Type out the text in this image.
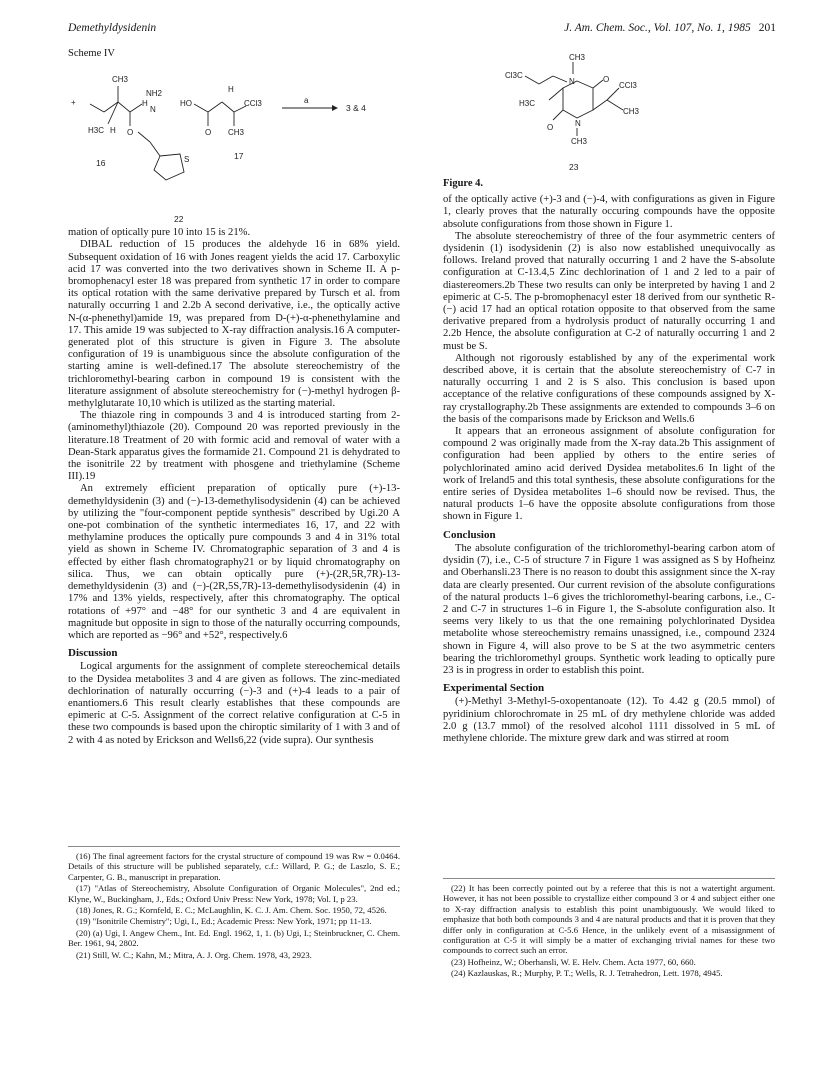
Demethyldysidenin	J. Am. Chem. Soc., Vol. 107, No. 1, 1985 201
Scheme IV
+
CH3
H
O
H3C H
16
NH2
N
S
22
HO
O CH3
CCl3
H
17
a
3 & 4

mation of optically pure 10 into 15 is 21%.

DIBAL reduction of 15 produces the aldehyde 16 in 68% yield. Subsequent oxidation of 16 with Jones reagent yields the acid 17. Carboxylic acid 17 was converted into the two derivatives shown in Scheme II. A p-bromophenacyl ester 18 was prepared from synthetic 17 in order to compare its optical rotation with the same derivative prepared by Tursch et al. from naturally occurring 1 and 2.2b A second derivative, i.e., the optically active N-(α-phenethyl)amide 19, was prepared from D-(+)-α-phenethylamine and 17. This amide 19 was subjected to X-ray diffraction analysis.16 A computer-generated plot of this structure is given in Figure 3. The absolute configuration of 19 is unambiguous since the absolute configuration of the starting amine is well-defined.17 The absolute stereochemistry of the trichloromethyl-bearing carbon in compound 19 is consistent with the literature assignment of absolute stereochemistry for (−)-methyl hydrogen β-methylglutarate 10,10 which is utilized as the starting material.

The thiazole ring in compounds 3 and 4 is introduced starting from 2-(aminomethyl)thiazole (20). Compound 20 was reported previously in the literature.18 Treatment of 20 with formic acid and removal of water with a Dean-Stark apparatus gives the formamide 21. Compound 21 is dehydrated to the isonitrile 22 by treatment with phosgene and triethylamine (Scheme III).19

An extremely efficient preparation of optically pure (+)-13-demethyldysidenin (3) and (−)-13-demethylisodysidenin (4) can be achieved by utilizing the "four-component peptide synthesis" described by Ugi.20 A one-pot combination of the synthetic intermediates 16, 17, and 22 with methylamine produces the optically pure compounds 3 and 4 in 31% total yield as shown in Scheme IV. Chromatographic separation of 3 and 4 is effected by either flash chromatography21 or by liquid chromatography on silica. Thus, we can obtain optically pure (+)-(2R,5R,7R)-13-demethyldysidenin (3) and (−)-(2R,5S,7R)-13-demethylisodysidenin (4) in 17% and 13% yields, respectively, after this chromatography. The optical rotations of +97° and −48° for our synthetic 3 and 4 are equivalent in magnitude but opposite in sign to those of the naturally occurring compounds, which are reported as −96° and +52°, respectively.6

Discussion

Logical arguments for the assignment of complete stereochemical details to the Dysidea metabolites 3 and 4 are given as follows. The zinc-mediated dechlorination of naturally occurring (−)-3 and (+)-4 leads to a pair of enantiomers.6 This result clearly establishes that these compounds are epimeric at C-5. Assignment of the correct relative configuration at C-5 in these two compounds is based upon the chiroptic similarity of 1 with 3 and of 2 with 4 as noted by Erickson and Wells6,22 (vide supra). Our synthesis

CH3
Cl3C
N	O
CCl3
CH3
H3C
N
O
CH3
23
Figure 4.

of the optically active (+)-3 and (−)-4, with configurations as given in Figure 1, clearly proves that the naturally occuring compounds have the opposite absolute configurations from those shown in Figure 1.

The absolute stereochemistry of three of the four asymmetric centers of dysidenin (1) isodysidenin (2) is also now established unequivocally as follows. Ireland proved that naturally occurring 1 and 2 have the S-absolute configuration at C-13.4,5 Zinc dechlorination of 1 and 2 led to a pair of diastereomers.2b These two results can only be interpreted by having 1 and 2 epimeric at C-5. The p-bromophenacyl ester 18 derived from our synthetic R-(−) acid 17 had an optical rotation opposite to that observed from the same derivative prepared from a hydrolysis product of naturally occurring 1 and 2.2b Hence, the absolute configuration at C-2 of naturally occurring 1 and 2 must be S.

Although not rigorously established by any of the experimental work described above, it is certain that the absolute stereochemistry of C-7 in naturally occurring 1 and 2 is S also. This conclusion is based upon acceptance of the relative configurations of these compounds assigned by X-ray crystallography.2b These assignments are extended to compounds 3–6 on the basis of the comparisons made by Erickson and Wells.6

It appears that an erroneous assignment of absolute configuration for compound 2 was originally made from the X-ray data.2b This assignment of configuration had been applied by others to the entire series of polychlorinated amino acid derived Dysidea metabolites.6 In light of the work of Ireland5 and this total synthesis, these absolute configurations for the entire series of Dysidea metabolites 1–6 should now be revised. Thus, the natural products 1–6 have the opposite absolute configurations from those shown in Figure 1.

Conclusion

The absolute configuration of the trichloromethyl-bearing carbon atom of dysidin (7), i.e., C-5 of structure 7 in Figure 1 was assigned as S by Hofheinz and Oberhansli.23 There is no reason to doubt this assignment since the X-ray data are clearly presented. Our current revision of the absolute configurations of the natural products 1–6 gives the trichloromethyl-bearing carbons, i.e., C-2 and C-7 in structures 1–6 in Figure 1, the S-absolute configuration also. It seems very likely to us that the one remaining polychlorinated Dysidea metabolite whose stereochemistry remains unassigned, i.e., compound 2324 shown in Figure 4, will also prove to be S at the two asymmetric centers bearing the trichloromethyl groups. Synthetic work leading to optically pure 23 is in progress in order to establish this point.

Experimental Section

(+)-Methyl 3-Methyl-5-oxopentanoate (12). To 4.42 g (20.5 mmol) of pyridinium chlorochromate in 25 mL of dry methylene chloride was added 2.0 g (13.7 mmol) of the resolved alcohol 1111 dissolved in 5 mL of methylene chloride. The mixture grew dark and was stirred at room

(16) The final agreement factors for the crystal structure of compound 19 was Rw = 0.0464. Details of this structure will be published separately, c.f.: Willard, P. G.; de Laszlo, S. E.; Carpenter, G. B., manuscript in preparation.

(17) "Atlas of Stereochemistry, Absolute Configuration of Organic Molecules", 2nd ed.; Klyne, W., Buckingham, J., Eds.; Oxford Univ Press: New York, 1978; Vol. I, p 23.

(18) Jones, R. G.; Kornfeld, E. C.; McLaughlin, K. C. J. Am. Chem. Soc. 1950, 72, 4526.

(19) "Isonitrile Chemistry"; Ugi, I., Ed.; Academic Press: New York, 1971; pp 11-13.

(20) (a) Ugi, I. Angew Chem., Int. Ed. Engl. 1962, 1, 1. (b) Ugi, I.; Steinbruckner, C. Chem. Ber. 1961, 94, 2802.

(21) Still, W. C.; Kahn, M.; Mitra, A. J. Org. Chem. 1978, 43, 2923.

(22) It has been correctly pointed out by a referee that this is not a watertight argument. However, it has not been possible to crystallize either compound 3 or 4 and subject either one to X-ray diffraction analysis to establish this point unambiguously. We would liked to emphasize that both both compounds 3 and 4 are natural products and that it is proven that they differ only in configuration at C-5.6 Hence, in the unlikely event of a misassignment of configuration at C-5 it will simply be a matter of exchanging trivial names for these two compounds to correct such an error.

(23) Hofheinz, W.; Oberhansli, W. E. Helv. Chem. Acta 1977, 60, 660.

(24) Kazlauskas, R.; Murphy, P. T.; Wells, R. J. Tetrahedron, Lett. 1978, 4945.
